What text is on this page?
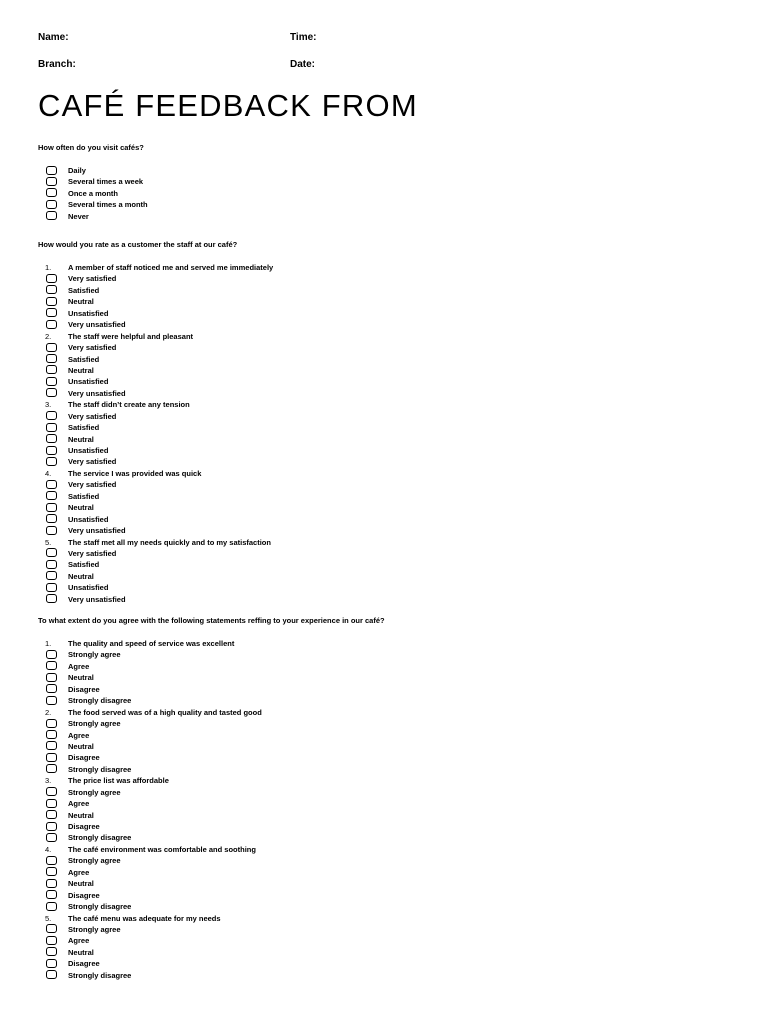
Name:	Time:
Branch:	Date:
CAFÉ FEEDBACK FROM
How often do you visit cafés?
Daily
Several times a week
Once a month
Several times a month
Never
How would you rate as a customer the staff at our café?
1. A member of staff noticed me and served me immediately
Very satisfied
Satisfied
Neutral
Unsatisfied
Very unsatisfied
2. The staff were helpful and pleasant
Very satisfied
Satisfied
Neutral
Unsatisfied
Very unsatisfied
3. The staff didn’t create any tension
Very satisfied
Satisfied
Neutral
Unsatisfied
Very satisfied
4. The service I was provided was quick
Very satisfied
Satisfied
Neutral
Unsatisfied
Very unsatisfied
5. The staff met all my needs quickly and to my satisfaction
Very satisfied
Satisfied
Neutral
Unsatisfied
Very unsatisfied
To what extent do you agree with the following statements reffing to your experience in our café?
1. The quality and speed of service was excellent
Strongly agree
Agree
Neutral
Disagree
Strongly disagree
2. The food served was of a high quality and tasted good
Strongly agree
Agree
Neutral
Disagree
Strongly disagree
3. The price list was affordable
Strongly agree
Agree
Neutral
Disagree
Strongly disagree
4. The café environment was comfortable and soothing
Strongly agree
Agree
Neutral
Disagree
Strongly disagree
5. The café menu was adequate for my needs
Strongly agree
Agree
Neutral
Disagree
Strongly disagree
